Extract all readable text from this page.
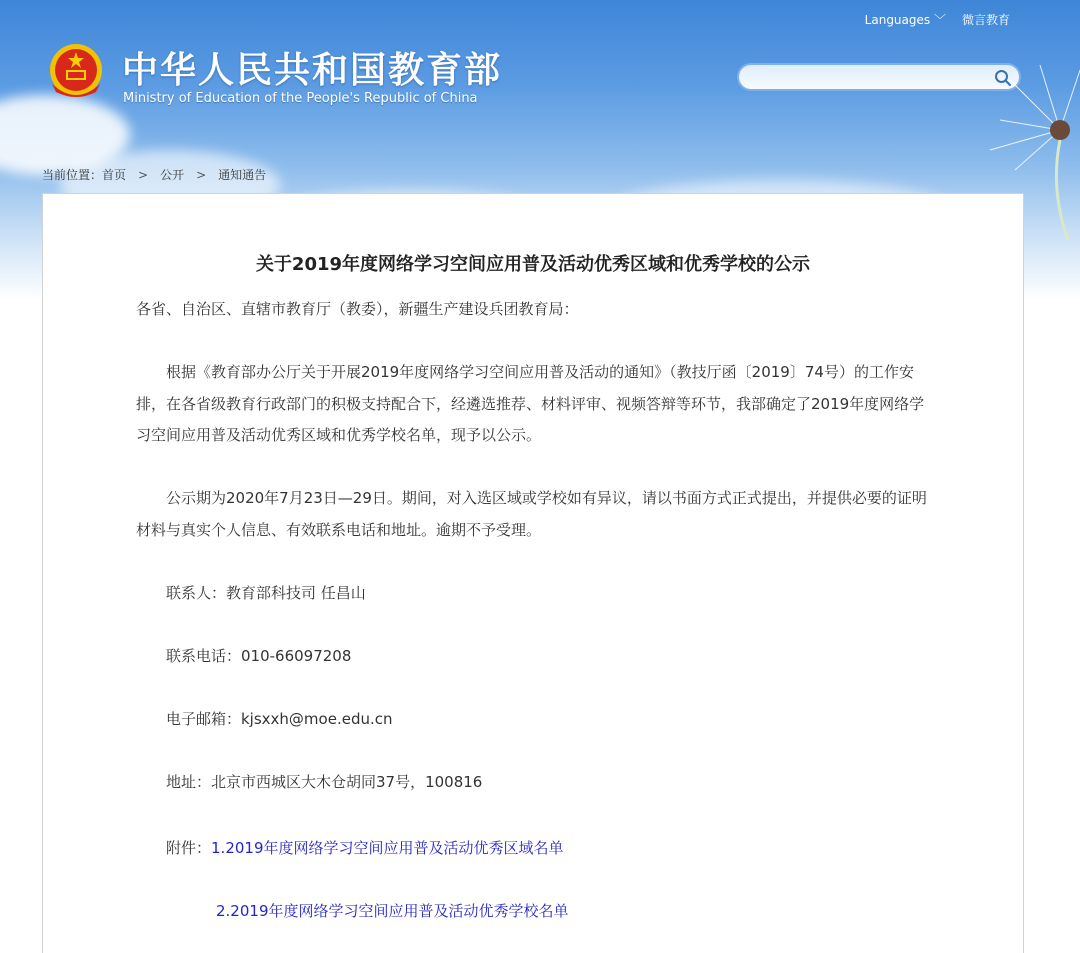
中华人民共和国教育部
Ministry of Education of the People's Republic of China
Languages ﹀ 微言教育
当前位置： 首页 > 公开 > 通知通告
关于2019年度网络学习空间应用普及活动优秀区域和优秀学校的公示
各省、自治区、直辖市教育厅（教委），新疆生产建设兵团教育局：
　　根据《教育部办公厅关于开展2019年度网络学习空间应用普及活动的通知》（教技厅函〔2019〕74号）的工作安排，在各省级教育行政部门的积极支持配合下，经遴选推荐、材料评审、视频答辩等环节，我部确定了2019年度网络学习空间应用普及活动优秀区域和优秀学校名单，现予以公示。
　　公示期为2020年7月23日—29日。期间，对入选区域或学校如有异议，请以书面方式正式提出，并提供必要的证明材料与真实个人信息、有效联系电话和地址。逾期不予受理。
　　联系人：教育部科技司 任昌山
　　联系电话：010-66097208
　　电子邮箱：kjsxxh@moe.edu.cn
　　地址：北京市西城区大木仓胡同37号，100816
　　附件：1.2019年度网络学习空间应用普及活动优秀区域名单
2.2019年度网络学习空间应用普及活动优秀学校名单
